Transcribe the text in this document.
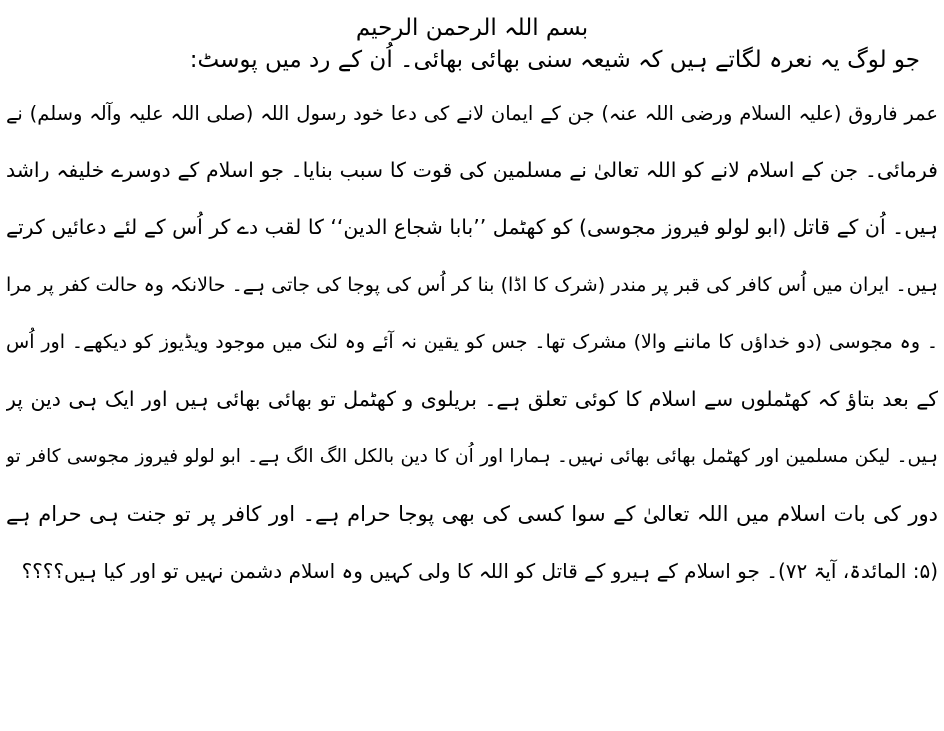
بسم اللہ الرحمن الرحیم
جو لوگ یہ نعرہ لگاتے ہیں کہ شیعہ سنی بھائی بھائی۔ اُن کے رد میں پوسٹ:
عمر فاروق (علیہ السلام ورضی اللہ عنہ) جن کے ایمان لانے کی دعا خود رسول اللہ (صلی اللہ علیہ وآلہ وسلم) نے
فرمائی۔ جن کے اسلام لانے کو اللہ تعالیٰ نے مسلمین کی قوت کا سبب بنایا۔ جو اسلام کے دوسرے خلیفہ راشد
ہیں۔ اُن کے قاتل (ابو لولو فیروز مجوسی) کو کھٹمل ’’بابا شجاع الدین‘‘ کا لقب دے کر اُس کے لئے دعائیں کرتے
ہیں۔ ایران میں اُس کافر کی قبر پر مندر (شرک کا اڈا) بنا کر اُس کی پوجا کی جاتی ہے۔ حالانکہ وہ حالت کفر پر مرا
۔ وہ مجوسی (دو خداؤں کا ماننے والا) مشرک تھا۔ جس کو یقین نہ آئے وہ لنک میں موجود ویڈیوز کو دیکھے۔ اور اُس
کے بعد بتاؤ کہ کھٹملوں سے اسلام کا کوئی تعلق ہے۔ بریلوی و کھٹمل تو بھائی بھائی ہیں اور ایک ہی دین پر
ہیں۔ لیکن مسلمین اور کھٹمل بھائی بھائی نہیں۔ ہمارا اور اُن کا دین بالکل الگ الگ ہے۔ ابو لولو فیروز مجوسی کافر تو
دور کی بات اسلام میں اللہ تعالیٰ کے سوا کسی کی بھی پوجا حرام ہے۔ اور کافر پر تو جنت ہی حرام ہے
(۵: المائدۃ، آیۃ ۷۲)۔ جو اسلام کے ہیرو کے قاتل کو اللہ کا ولی کہیں وہ اسلام دشمن نہیں تو اور کیا ہیں؟؟؟؟
